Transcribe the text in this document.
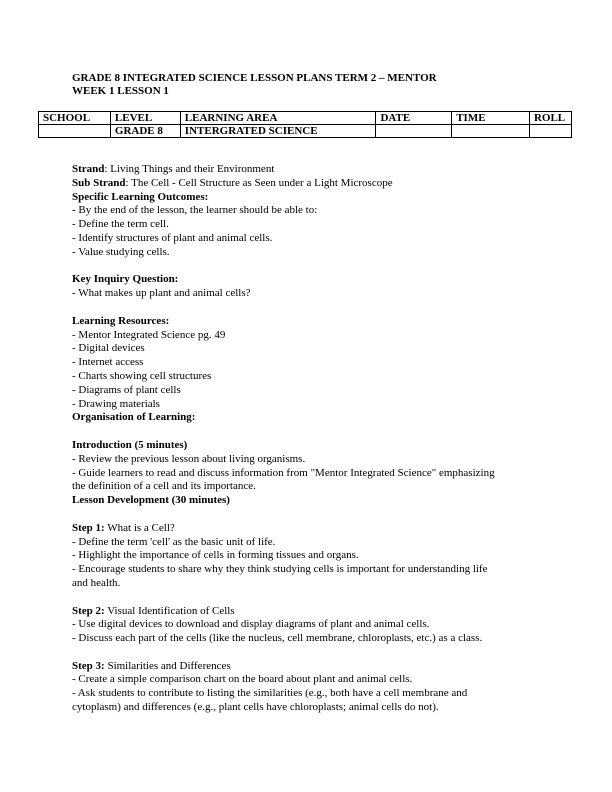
GRADE 8 INTEGRATED SCIENCE LESSON PLANS TERM 2 – MENTOR
WEEK 1 LESSON 1
SCHOOL	LEVEL	LEARNING AREA	DATE	TIME	ROLL
	GRADE 8	INTERGRATED SCIENCE			

Strand: Living Things and their Environment

Sub Strand: The Cell - Cell Structure as Seen under a Light Microscope

Specific Learning Outcomes:

- By the end of the lesson, the learner should be able to:

- Define the term cell.

- Identify structures of plant and animal cells.

- Value studying cells.

Key Inquiry Question:

- What makes up plant and animal cells?

Learning Resources:

- Mentor Integrated Science pg. 49

- Digital devices

- Internet access

- Charts showing cell structures

- Diagrams of plant cells

- Drawing materials

Organisation of Learning:

Introduction (5 minutes)

- Review the previous lesson about living organisms.

- Guide learners to read and discuss information from "Mentor Integrated Science" emphasizing

the definition of a cell and its importance.

Lesson Development (30 minutes)

Step 1: What is a Cell?

- Define the term 'cell' as the basic unit of life.

- Highlight the importance of cells in forming tissues and organs.

- Encourage students to share why they think studying cells is important for understanding life

and health.

Step 2: Visual Identification of Cells

- Use digital devices to download and display diagrams of plant and animal cells.

- Discuss each part of the cells (like the nucleus, cell membrane, chloroplasts, etc.) as a class.

Step 3: Similarities and Differences

- Create a simple comparison chart on the board about plant and animal cells.

- Ask students to contribute to listing the similarities (e.g., both have a cell membrane and

cytoplasm) and differences (e.g., plant cells have chloroplasts; animal cells do not).
